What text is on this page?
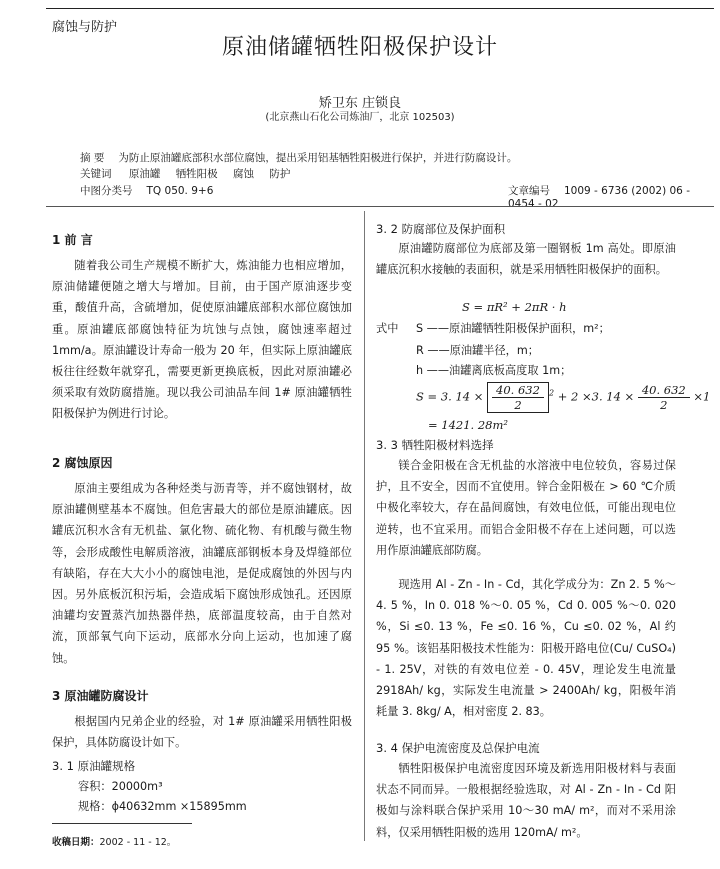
腐蚀与防护
原油储罐牺牲阳极保护设计
矫卫东 庄锁良
(北京燕山石化公司炼油厂，北京 102503)
摘 要 为防止原油罐底部积水部位腐蚀，提出采用铝基牺牲阳极进行保护，并进行防腐设计。
关键词 原油罐 牺牲阳极 腐蚀 防护
中图分类号 TQ 050. 9+6	文章编号 1009 - 6736 (2002) 06 - 0454 - 02
1 前 言
随着我公司生产规模不断扩大，炼油能力也相应增加，原油储罐便随之增大与增加。目前，由于国产原油逐步变重，酸值升高，含硫增加，促使原油罐底部积水部位腐蚀加重。原油罐底部腐蚀特征为坑蚀与点蚀，腐蚀速率超过 1mm/a。原油罐设计寿命一般为 20 年，但实际上原油罐底板往往经数年就穿孔，需要更新更换底板，因此对原油罐必须采取有效防腐措施。现以我公司油品车间 1# 原油罐牺牲阳极保护为例进行讨论。
2 腐蚀原因
原油主要组成为各种烃类与沥青等，并不腐蚀钢材，故原油罐侧壁基本不腐蚀。但危害最大的部位是原油罐底。因罐底沉积水含有无机盐、氯化物、硫化物、有机酸与微生物等，会形成酸性电解质溶液，油罐底部钢板本身及焊缝部位有缺陷，存在大大小小的腐蚀电池，是促成腐蚀的外因与内因。另外底板沉积污垢，会造成垢下腐蚀形成蚀孔。还因原油罐均安置蒸汽加热器伴热，底部温度较高，由于自然对流，顶部氧气向下运动，底部水分向上运动，也加速了腐蚀。
3 原油罐防腐设计
根据国内兄弟企业的经验，对 1# 原油罐采用牺牲阳极保护，具体防腐设计如下。
3. 1 原油罐规格
容积：20000m³
规格：ϕ40632mm ×15895mm
收稿日期：2002 - 11 - 12。
3. 2 防腐部位及保护面积
原油罐防腐部位为底部及第一圈钢板 1m 高处。即原油罐底沉积水接触的表面积，就是采用牺牲阳极保护的面积。
S = πR² + 2πR · h
式中 S ——原油罐牺牲阳极保护面积，m²；
R ——原油罐半径，m；
h ——油罐离底板高度取 1m；
S = 3. $14 \times \frac{40. 632}{2} ^2 + 2 \times 3$. $14 \times \frac{40. 632}{2} \times 1$
= 1421. 28m²
3. 3 牺牲阳极材料选择
镁合金阳极在含无机盐的水溶液中电位较负，容易过保护，且不安全，因而不宜使用。锌合金阳极在 > 60 ℃介质中极化率较大，存在晶间腐蚀，有效电位低，可能出现电位逆转，也不宜采用。而铝合金阳极不存在上述问题，可以选用作原油罐底部防腐。
现选用 Al - Zn - In - Cd，其化学成分为：Zn 2. 5 %～4. 5 %，In 0. 018 %～0. 05 %，Cd 0. 005 %～0. 020 %，Si ≤0. 13 %，Fe ≤0. 16 %，Cu ≤0. 02 %，Al 约 95 %。该铝基阳极技术性能为：阳极开路电位(Cu/ CuSO₄) - 1. 25V，对铁的有效电位差 - 0. 45V，理论发生电流量 2918Ah/ kg，实际发生电流量 > 2400Ah/ kg，阳极年消耗量 3. 8kg/ A，相对密度 2. 83。
3. 4 保护电流密度及总保护电流
牺牲阳极保护电流密度因环境及新选用阳极材料与表面状态不同而异。一般根据经验选取，对 Al - Zn - In - Cd 阳极如与涂料联合保护采用 10～30 mA/ m²，而对不采用涂料，仅采用牺牲阳极的选用 120mA/ m²。
